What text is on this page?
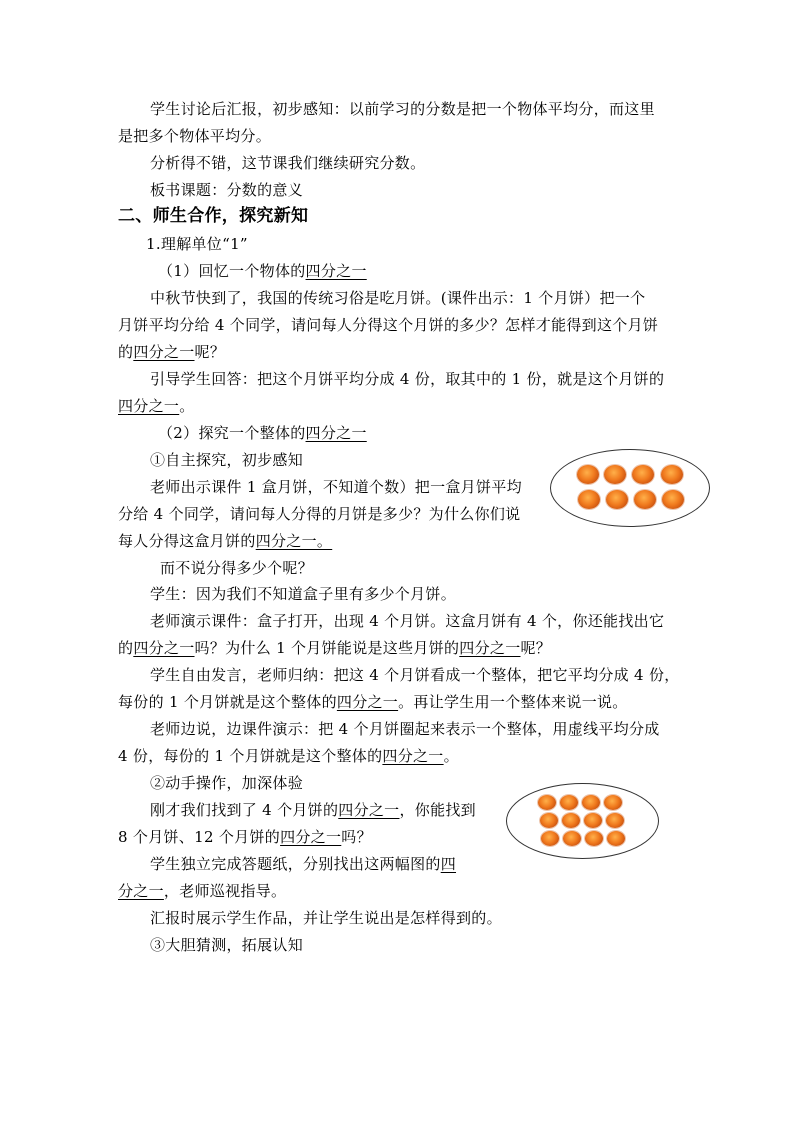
学生讨论后汇报，初步感知：以前学习的分数是把一个物体平均分，而这里
是把多个物体平均分。
分析得不错，这节课我们继续研究分数。
板书课题：分数的意义
二、师生合作，探究新知
1.理解单位“1”
（1）回忆一个物体的四分之一
中秋节快到了，我国的传统习俗是吃月饼。(课件出示：1 个月饼）把一个
月饼平均分给 4 个同学，请问每人分得这个月饼的多少？怎样才能得到这个月饼
的四分之一呢？
引导学生回答：把这个月饼平均分成 4 份，取其中的 1 份，就是这个月饼的
四分之一。
（2）探究一个整体的四分之一
①自主探究，初步感知
老师出示课件 1 盒月饼，不知道个数）把一盒月饼平均
分给 4 个同学，请问每人分得的月饼是多少？为什么你们说
每人分得这盒月饼的四分之一。
而不说分得多少个呢？
学生：因为我们不知道盒子里有多少个月饼。
老师演示课件：盒子打开，出现 4 个月饼。这盒月饼有 4 个，你还能找出它
的四分之一吗？为什么 1 个月饼能说是这些月饼的四分之一呢？
学生自由发言，老师归纳：把这 4 个月饼看成一个整体，把它平均分成 4 份，
每份的 1 个月饼就是这个整体的四分之一。再让学生用一个整体来说一说。
老师边说，边课件演示：把 4 个月饼圈起来表示一个整体，用虚线平均分成
4 份，每份的 1 个月饼就是这个整体的四分之一。
②动手操作，加深体验
刚才我们找到了 4 个月饼的四分之一，你能找到
8 个月饼、12 个月饼的四分之一吗？
学生独立完成答题纸，分别找出这两幅图的四
分之一，老师巡视指导。
汇报时展示学生作品，并让学生说出是怎样得到的。
③大胆猜测，拓展认知
